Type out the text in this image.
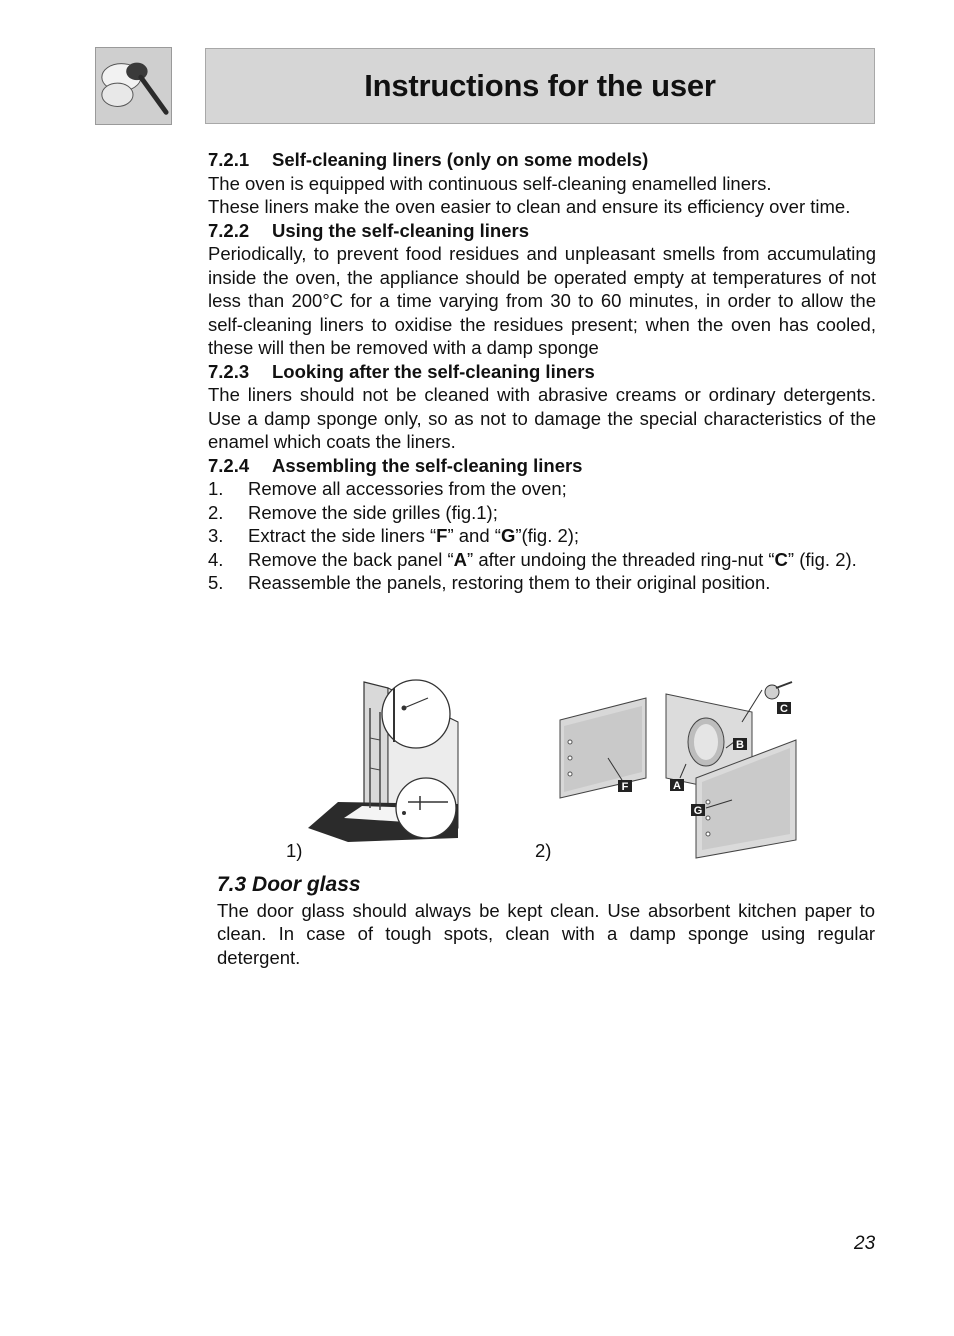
Instructions for the user
7.2.1	Self-cleaning liners (only on some models)

The oven is equipped with continuous self-cleaning enamelled liners.

These liners make the oven easier to clean and ensure its efficiency over time.

7.2.2	Using the self-cleaning liners

Periodically, to prevent food residues and unpleasant smells from accumulating inside the oven, the appliance should be operated empty at temperatures of not less than 200°C for a time varying from 30 to 60 minutes, in order to allow the self-cleaning liners to oxidise the residues present; when the oven has cooled, these will then be removed with a damp sponge

7.2.3	Looking after the self-cleaning liners

The liners should not be cleaned with abrasive creams or ordinary detergents. Use a damp sponge only, so as not to damage the special characteristics of the enamel which coats the liners.

7.2.4	Assembling the self-cleaning liners
1.	Remove all accessories from the oven;
2.	Remove the side grilles (fig.1);
3.	Extract the side liners “F” and “G”(fig. 2);
4.	Remove the back panel “A” after undoing the threaded ring-nut “C” (fig. 2).
5.	Reassemble the panels, restoring them to their original position.
1)
C
B
A
F
G
2)
7.3 Door glass

The door glass should always be kept clean. Use absorbent kitchen paper to clean. In case of tough spots, clean with a damp sponge using regular detergent.

23
